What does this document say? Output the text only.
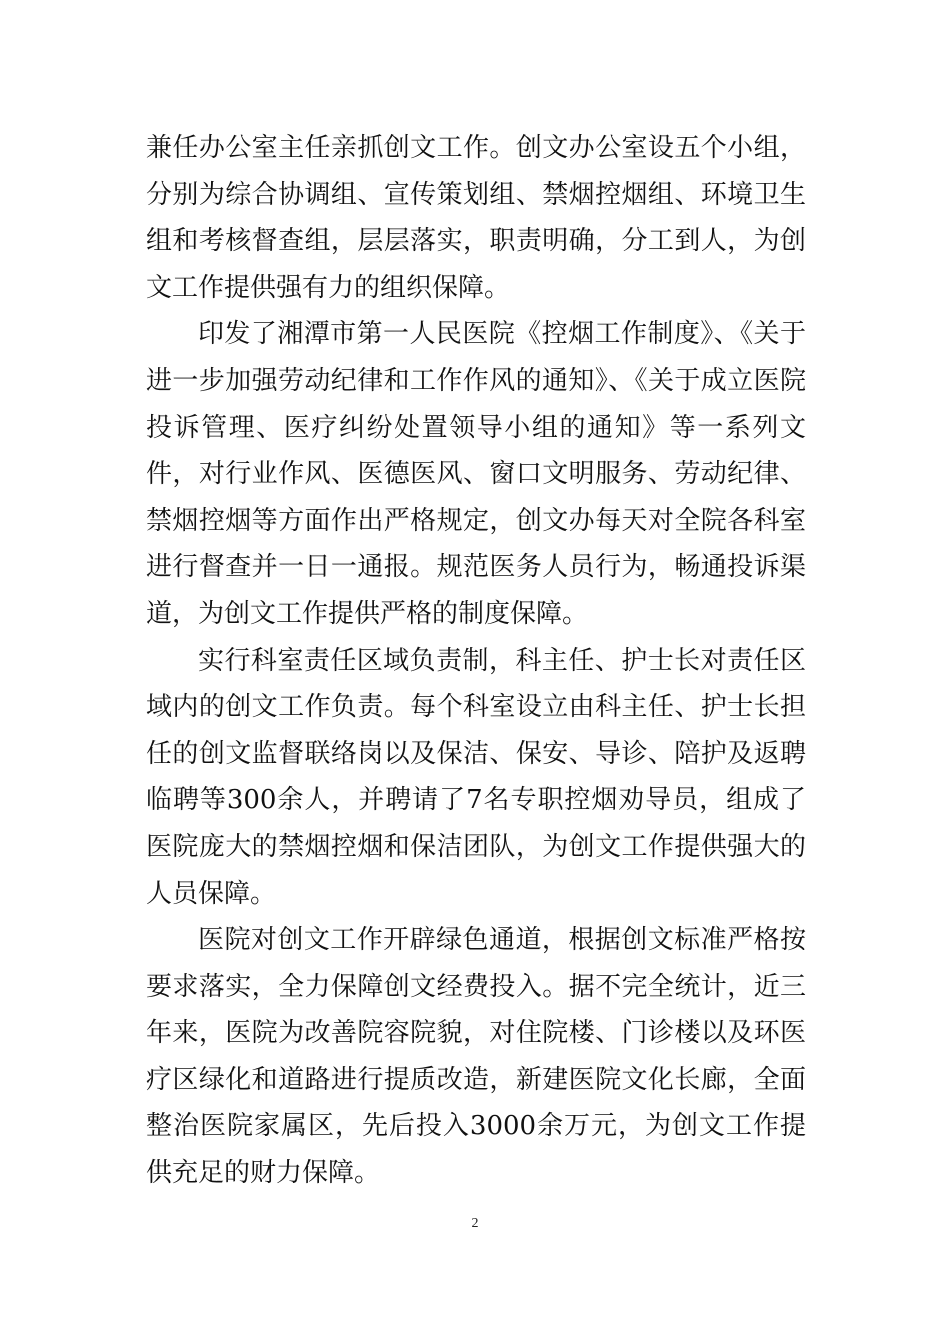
兼任办公室主任亲抓创文工作。创文办公室设五个小组，分别为综合协调组、宣传策划组、禁烟控烟组、环境卫生组和考核督查组，层层落实，职责明确，分工到人，为创文工作提供强有力的组织保障。

印发了湘潭市第一人民医院《控烟工作制度》、《关于进一步加强劳动纪律和工作作风的通知》、《关于成立医院投诉管理、医疗纠纷处置领导小组的通知》等一系列文件，对行业作风、医德医风、窗口文明服务、劳动纪律、禁烟控烟等方面作出严格规定，创文办每天对全院各科室进行督查并一日一通报。规范医务人员行为，畅通投诉渠道，为创文工作提供严格的制度保障。

实行科室责任区域负责制，科主任、护士长对责任区域内的创文工作负责。每个科室设立由科主任、护士长担任的创文监督联络岗以及保洁、保安、导诊、陪护及返聘临聘等300余人，并聘请了7名专职控烟劝导员，组成了医院庞大的禁烟控烟和保洁团队，为创文工作提供强大的人员保障。

医院对创文工作开辟绿色通道，根据创文标准严格按要求落实，全力保障创文经费投入。据不完全统计，近三年来，医院为改善院容院貌，对住院楼、门诊楼以及环医疗区绿化和道路进行提质改造，新建医院文化长廊，全面整治医院家属区，先后投入3000余万元，为创文工作提供充足的财力保障。

2
